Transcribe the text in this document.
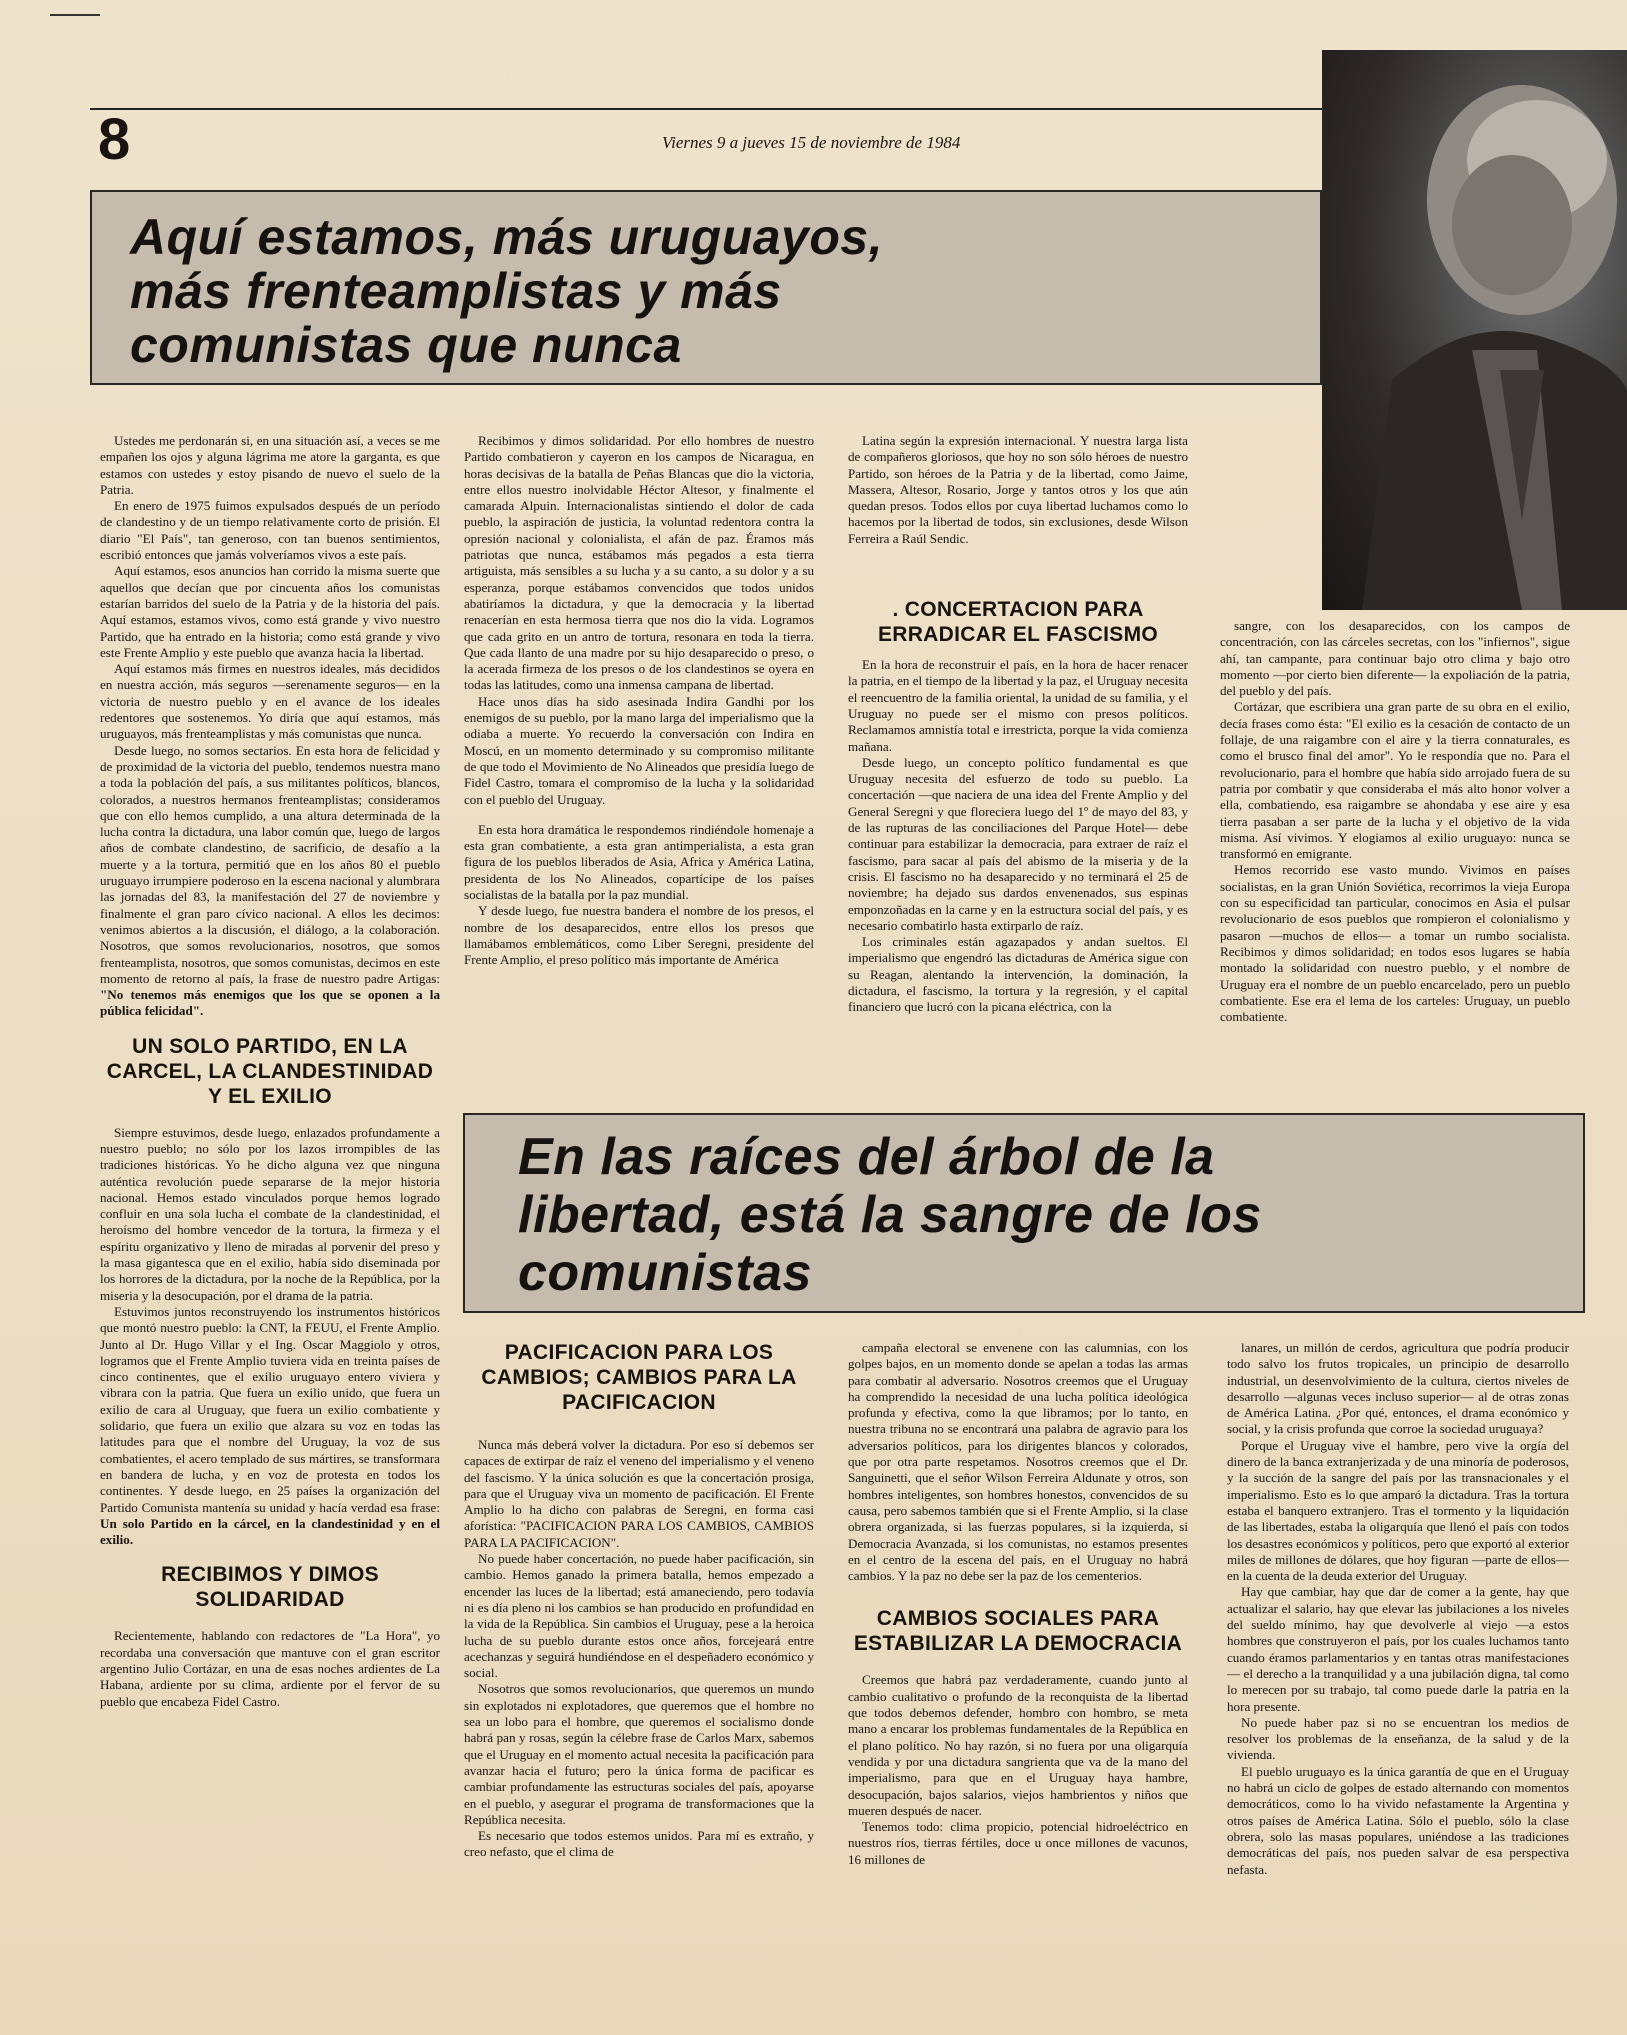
8	Viernes 9 a jueves 15 de noviembre de 1984
Aquí estamos, más uruguayos,
más frenteamplistas y más
comunistas que nunca
En las raíces del árbol de la
libertad, está la sangre de los
comunistas

Ustedes me perdonarán si, en una situación así, a veces se me empañen los ojos y alguna lágrima me atore la garganta, es que estamos con ustedes y estoy pisando de nuevo el suelo de la Patria.

En enero de 1975 fuimos expulsados después de un período de clandestino y de un tiempo relativamente corto de prisión. El diario "El País", tan generoso, con tan buenos sentimientos, escribió entonces que jamás volveríamos vivos a este país.

Aquí estamos, esos anuncios han corrido la misma suerte que aquellos que decían que por cincuenta años los comunistas estarían barridos del suelo de la Patria y de la historia del país. Aquí estamos, estamos vivos, como está grande y vivo nuestro Partido, que ha entrado en la historia; como está grande y vivo este Frente Amplio y este pueblo que avanza hacia la libertad.

Aquí estamos más firmes en nuestros ideales, más decididos en nuestra acción, más seguros —serenamente seguros— en la victoria de nuestro pueblo y en el avance de los ideales redentores que sostenemos. Yo diría que aquí estamos, más uruguayos, más frenteamplistas y más comunistas que nunca.

Desde luego, no somos sectarios. En esta hora de felicidad y de proximidad de la victoria del pueblo, tendemos nuestra mano a toda la población del país, a sus militantes políticos, blancos, colorados, a nuestros hermanos frenteamplistas; consideramos que con ello hemos cumplido, a una altura determinada de la lucha contra la dictadura, una labor común que, luego de largos años de combate clandestino, de sacrificio, de desafío a la muerte y a la tortura, permitió que en los años 80 el pueblo uruguayo irrumpiere poderoso en la escena nacional y alumbrara las jornadas del 83, la manifestación del 27 de noviembre y finalmente el gran paro cívico nacional. A ellos les decimos: venimos abiertos a la discusión, el diálogo, a la colaboración. Nosotros, que somos revolucionarios, nosotros, que somos frenteamplista, nosotros, que somos comunistas, decimos en este momento de retorno al país, la frase de nuestro padre Artigas: "No tenemos más enemigos que los que se oponen a la pública felicidad".

UN SOLO PARTIDO, EN LA CARCEL, LA CLANDESTINIDAD Y EL EXILIO

Siempre estuvimos, desde luego, enlazados profundamente a nuestro pueblo; no sólo por los lazos irrompibles de las tradiciones históricas. Yo he dicho alguna vez que ninguna auténtica revolución puede separarse de la mejor historia nacional. Hemos estado vinculados porque hemos logrado confluir en una sola lucha el combate de la clandestinidad, el heroísmo del hombre vencedor de la tortura, la firmeza y el espíritu organizativo y lleno de miradas al porvenir del preso y la masa gigantesca que en el exilio, había sido diseminada por los horrores de la dictadura, por la noche de la República, por la miseria y la desocupación, por el drama de la patria.

Estuvimos juntos reconstruyendo los instrumentos históricos que montó nuestro pueblo: la CNT, la FEUU, el Frente Amplio. Junto al Dr. Hugo Villar y el Ing. Oscar Maggiolo y otros, logramos que el Frente Amplio tuviera vida en treinta países de cinco continentes, que el exilio uruguayo entero viviera y vibrara con la patria. Que fuera un exilio unido, que fuera un exilio de cara al Uruguay, que fuera un exilio combatiente y solidario, que fuera un exilio que alzara su voz en todas las latitudes para que el nombre del Uruguay, la voz de sus combatientes, el acero templado de sus mártires, se transformara en bandera de lucha, y en voz de protesta en todos los continentes. Y desde luego, en 25 países la organización del Partido Comunista mantenía su unidad y hacía verdad esa frase: Un solo Partido en la cárcel, en la clandestinidad y en el exilio.

RECIBIMOS Y DIMOS SOLIDARIDAD

Recientemente, hablando con redactores de "La Hora", yo recordaba una conversación que mantuve con el gran escritor argentino Julio Cortázar, en una de esas noches ardientes de La Habana, ardiente por su clima, ardiente por el fervor de su pueblo que encabeza Fidel Castro.

Recibimos y dimos solidaridad. Por ello hombres de nuestro Partido combatieron y cayeron en los campos de Nicaragua, en horas decisivas de la batalla de Peñas Blancas que dio la victoria, entre ellos nuestro inolvidable Héctor Altesor, y finalmente el camarada Alpuin. Internacionalistas sintiendo el dolor de cada pueblo, la aspiración de justicia, la voluntad redentora contra la opresión nacional y colonialista, el afán de paz. Éramos más patriotas que nunca, estábamos más pegados a esta tierra artiguista, más sensibles a su lucha y a su canto, a su dolor y a su esperanza, porque estábamos convencidos que todos unidos abatiríamos la dictadura, y que la democracia y la libertad renacerían en esta hermosa tierra que nos dio la vida. Logramos que cada grito en un antro de tortura, resonara en toda la tierra. Que cada llanto de una madre por su hijo desaparecido o preso, o la acerada firmeza de los presos o de los clandestinos se oyera en todas las latitudes, como una inmensa campana de libertad.

Hace unos días ha sido asesinada Indira Gandhi por los enemigos de su pueblo, por la mano larga del imperialismo que la odiaba a muerte. Yo recuerdo la conversación con Indira en Moscú, en un momento determinado y su compromiso militante de que todo el Movimiento de No Alineados que presidía luego de Fidel Castro, tomara el compromiso de la lucha y la solidaridad con el pueblo del Uruguay.

En esta hora dramática le respondemos rindiéndole homenaje a esta gran combatiente, a esta gran antimperialista, a esta gran figura de los pueblos liberados de Asia, Africa y América Latina, presidenta de los No Alineados, copartícipe de los países socialistas de la batalla por la paz mundial.

Y desde luego, fue nuestra bandera el nombre de los presos, el nombre de los desaparecidos, entre ellos los presos que llamábamos emblemáticos, como Liber Seregni, presidente del Frente Amplio, el preso político más importante de América

Latina según la expresión internacional. Y nuestra larga lista de compañeros gloriosos, que hoy no son sólo héroes de nuestro Partido, son héroes de la Patria y de la libertad, como Jaime, Massera, Altesor, Rosario, Jorge y tantos otros y los que aún quedan presos. Todos ellos por cuya libertad luchamos como lo hacemos por la libertad de todos, sin exclusiones, desde Wilson Ferreira a Raúl Sendic.

. CONCERTACION PARA ERRADICAR EL FASCISMO

En la hora de reconstruir el país, en la hora de hacer renacer la patria, en el tiempo de la libertad y la paz, el Uruguay necesita el reencuentro de la familia oriental, la unidad de su familia, y el Uruguay no puede ser el mismo con presos políticos. Reclamamos amnistía total e irrestricta, porque la vida comienza mañana.

Desde luego, un concepto político fundamental es que Uruguay necesita del esfuerzo de todo su pueblo. La concertación —que naciera de una idea del Frente Amplio y del General Seregni y que floreciera luego del 1º de mayo del 83, y de las rupturas de las conciliaciones del Parque Hotel— debe continuar para estabilizar la democracia, para extraer de raíz el fascismo, para sacar al país del abismo de la miseria y de la crisis. El fascismo no ha desaparecido y no terminará el 25 de noviembre; ha dejado sus dardos envenenados, sus espinas emponzoñadas en la carne y en la estructura social del país, y es necesario combatirlo hasta extirparlo de raíz.

Los criminales están agazapados y andan sueltos. El imperialismo que engendró las dictaduras de América sigue con su Reagan, alentando la intervención, la dominación, la dictadura, el fascismo, la tortura y la regresión, y el capital financiero que lucró con la picana eléctrica, con la

sangre, con los desaparecidos, con los campos de concentración, con las cárceles secretas, con los "infiernos", sigue ahí, tan campante, para continuar bajo otro clima y bajo otro momento —por cierto bien diferente— la expoliación de la patria, del pueblo y del país.

Cortázar, que escribiera una gran parte de su obra en el exilio, decía frases como ésta: "El exilio es la cesación de contacto de un follaje, de una raigambre con el aire y la tierra connaturales, es como el brusco final del amor". Yo le respondía que no. Para el revolucionario, para el hombre que había sido arrojado fuera de su patria por combatir y que consideraba el más alto honor volver a ella, combatiendo, esa raigambre se ahondaba y ese aire y esa tierra pasaban a ser parte de la lucha y el objetivo de la vida misma. Así vivimos. Y elogiamos al exilio uruguayo: nunca se transformó en emigrante.

Hemos recorrido ese vasto mundo. Vivimos en países socialistas, en la gran Unión Soviética, recorrimos la vieja Europa con su especificidad tan particular, conocimos en Asia el pulsar revolucionario de esos pueblos que rompieron el colonialismo y pasaron —muchos de ellos— a tomar un rumbo socialista. Recibimos y dimos solidaridad; en todos esos lugares se había montado la solidaridad con nuestro pueblo, y el nombre de Uruguay era el nombre de un pueblo encarcelado, pero un pueblo combatiente. Ese era el lema de los carteles: Uruguay, un pueblo combatiente.

PACIFICACION PARA LOS CAMBIOS; CAMBIOS PARA LA PACIFICACION

Nunca más deberá volver la dictadura. Por eso sí debemos ser capaces de extirpar de raíz el veneno del imperialismo y el veneno del fascismo. Y la única solución es que la concertación prosiga, para que el Uruguay viva un momento de pacificación. El Frente Amplio lo ha dicho con palabras de Seregni, en forma casi aforística: "PACIFICACION PARA LOS CAMBIOS, CAMBIOS PARA LA PACIFICACION".

No puede haber concertación, no puede haber pacificación, sin cambio. Hemos ganado la primera batalla, hemos empezado a encender las luces de la libertad; está amaneciendo, pero todavía ni es día pleno ni los cambios se han producido en profundidad en la vida de la República. Sin cambios el Uruguay, pese a la heroica lucha de su pueblo durante estos once años, forcejeará entre acechanzas y seguirá hundiéndose en el despeñadero económico y social.

Nosotros que somos revolucionarios, que queremos un mundo sin explotados ni explotadores, que queremos que el hombre no sea un lobo para el hombre, que queremos el socialismo donde habrá pan y rosas, según la célebre frase de Carlos Marx, sabemos que el Uruguay en el momento actual necesita la pacificación para avanzar hacia el futuro; pero la única forma de pacificar es cambiar profundamente las estructuras sociales del país, apoyarse en el pueblo, y asegurar el programa de transformaciones que la República necesita.

Es necesario que todos estemos unidos. Para mí es extraño, y creo nefasto, que el clima de

campaña electoral se envenene con las calumnias, con los golpes bajos, en un momento donde se apelan a todas las armas para combatir al adversario. Nosotros creemos que el Uruguay ha comprendido la necesidad de una lucha política ideológica profunda y efectiva, como la que libramos; por lo tanto, en nuestra tribuna no se encontrará una palabra de agravio para los adversarios políticos, para los dirigentes blancos y colorados, que por otra parte respetamos. Nosotros creemos que el Dr. Sanguinetti, que el señor Wilson Ferreira Aldunate y otros, son hombres inteligentes, son hombres honestos, convencidos de su causa, pero sabemos también que si el Frente Amplio, si la clase obrera organizada, si las fuerzas populares, si la izquierda, si Democracia Avanzada, si los comunistas, no estamos presentes en el centro de la escena del país, en el Uruguay no habrá cambios. Y la paz no debe ser la paz de los cementerios.

CAMBIOS SOCIALES PARA ESTABILIZAR LA DEMOCRACIA

Creemos que habrá paz verdaderamente, cuando junto al cambio cualitativo o profundo de la reconquista de la libertad que todos debemos defender, hombro con hombro, se meta mano a encarar los problemas fundamentales de la República en el plano político. No hay razón, si no fuera por una oligarquía vendida y por una dictadura sangrienta que va de la mano del imperialismo, para que en el Uruguay haya hambre, desocupación, bajos salarios, viejos hambrientos y niños que mueren después de nacer.

Tenemos todo: clima propicio, potencial hidroeléctrico en nuestros ríos, tierras fértiles, doce u once millones de vacunos, 16 millones de

lanares, un millón de cerdos, agricultura que podría producir todo salvo los frutos tropicales, un principio de desarrollo industrial, un desenvolvimiento de la cultura, ciertos niveles de desarrollo —algunas veces incluso superior— al de otras zonas de América Latina. ¿Por qué, entonces, el drama económico y social, y la crisis profunda que corroe la sociedad uruguaya?

Porque el Uruguay vive el hambre, pero vive la orgía del dinero de la banca extranjerizada y de una minoría de poderosos, y la succión de la sangre del país por las transnacionales y el imperialismo. Esto es lo que amparó la dictadura. Tras la tortura estaba el banquero extranjero. Tras el tormento y la liquidación de las libertades, estaba la oligarquía que llenó el país con todos los desastres económicos y políticos, pero que exportó al exterior miles de millones de dólares, que hoy figuran —parte de ellos— en la cuenta de la deuda exterior del Uruguay.

Hay que cambiar, hay que dar de comer a la gente, hay que actualizar el salario, hay que elevar las jubilaciones a los niveles del sueldo mínimo, hay que devolverle al viejo —a estos hombres que construyeron el país, por los cuales luchamos tanto cuando éramos parlamentarios y en tantas otras manifestaciones— el derecho a la tranquilidad y a una jubilación digna, tal como lo merecen por su trabajo, tal como puede darle la patria en la hora presente.

No puede haber paz si no se encuentran los medios de resolver los problemas de la enseñanza, de la salud y de la vivienda.

El pueblo uruguayo es la única garantía de que en el Uruguay no habrá un ciclo de golpes de estado alternando con momentos democráticos, como lo ha vivido nefastamente la Argentina y otros países de América Latina. Sólo el pueblo, sólo la clase obrera, solo las masas populares, uniéndose a las tradiciones democráticas del país, nos pueden salvar de esa perspectiva nefasta.
